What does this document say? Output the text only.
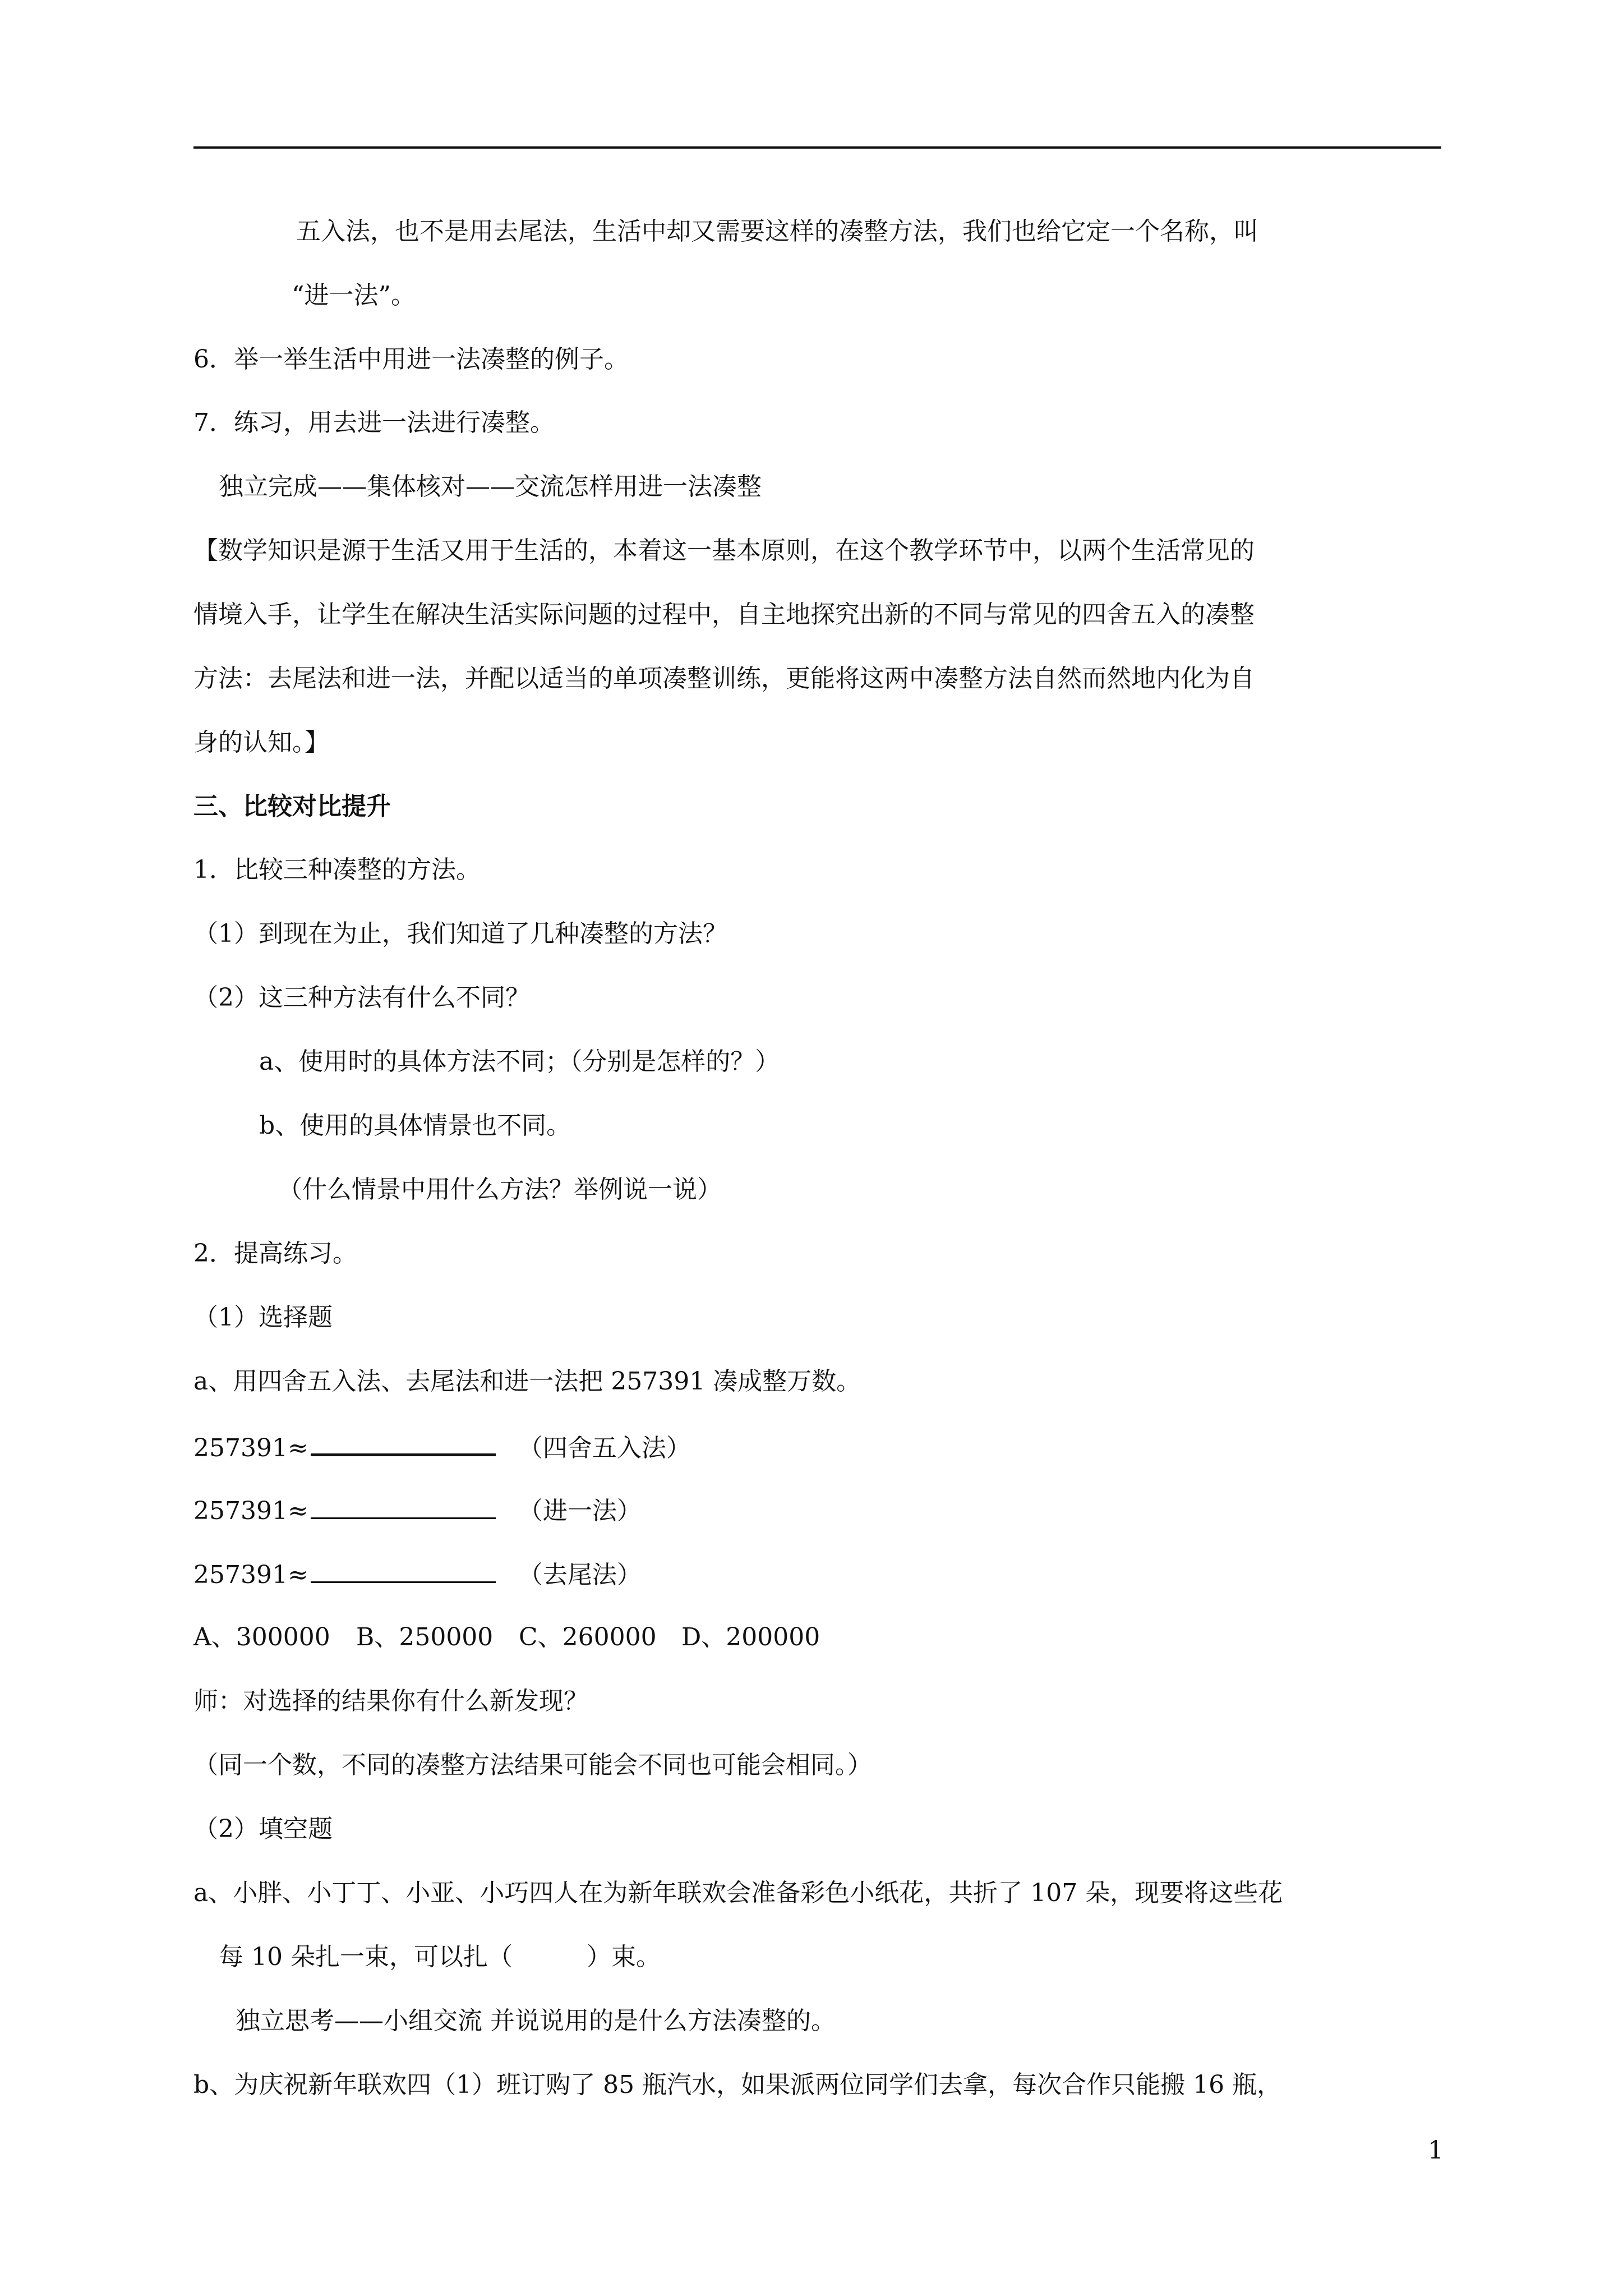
五入法，也不是用去尾法，生活中却又需要这样的凑整方法，我们也给它定一个名称，叫
“进一法”。
6．举一举生活中用进一法凑整的例子。
7．练习，用去进一法进行凑整。
独立完成——集体核对——交流怎样用进一法凑整
【数学知识是源于生活又用于生活的，本着这一基本原则，在这个教学环节中，以两个生活常见的
情境入手，让学生在解决生活实际问题的过程中，自主地探究出新的不同与常见的四舍五入的凑整
方法：去尾法和进一法，并配以适当的单项凑整训练，更能将这两中凑整方法自然而然地内化为自
身的认知。】
三、比较对比提升
1．比较三种凑整的方法。
（1）到现在为止，我们知道了几种凑整的方法？
（2）这三种方法有什么不同？
a、使用时的具体方法不同；（分别是怎样的？）
b、使用的具体情景也不同。
（什么情景中用什么方法？举例说一说）
2．提高练习。
（1）选择题
a、用四舍五入法、去尾法和进一法把 257391 凑成整万数。
257391≈	（四舍五入法）
257391≈	（进一法）
257391≈	（去尾法）
A、300000 B、250000 C、260000 D、200000
师：对选择的结果你有什么新发现？
（同一个数，不同的凑整方法结果可能会不同也可能会相同。）
（2）填空题
a、小胖、小丁丁、小亚、小巧四人在为新年联欢会准备彩色小纸花，共折了 107 朵，现要将这些花
每 10 朵扎一束，可以扎（　　　）束。
独立思考——小组交流 并说说用的是什么方法凑整的。
b、为庆祝新年联欢四（1）班订购了 85 瓶汽水，如果派两位同学们去拿，每次合作只能搬 16 瓶，
1
